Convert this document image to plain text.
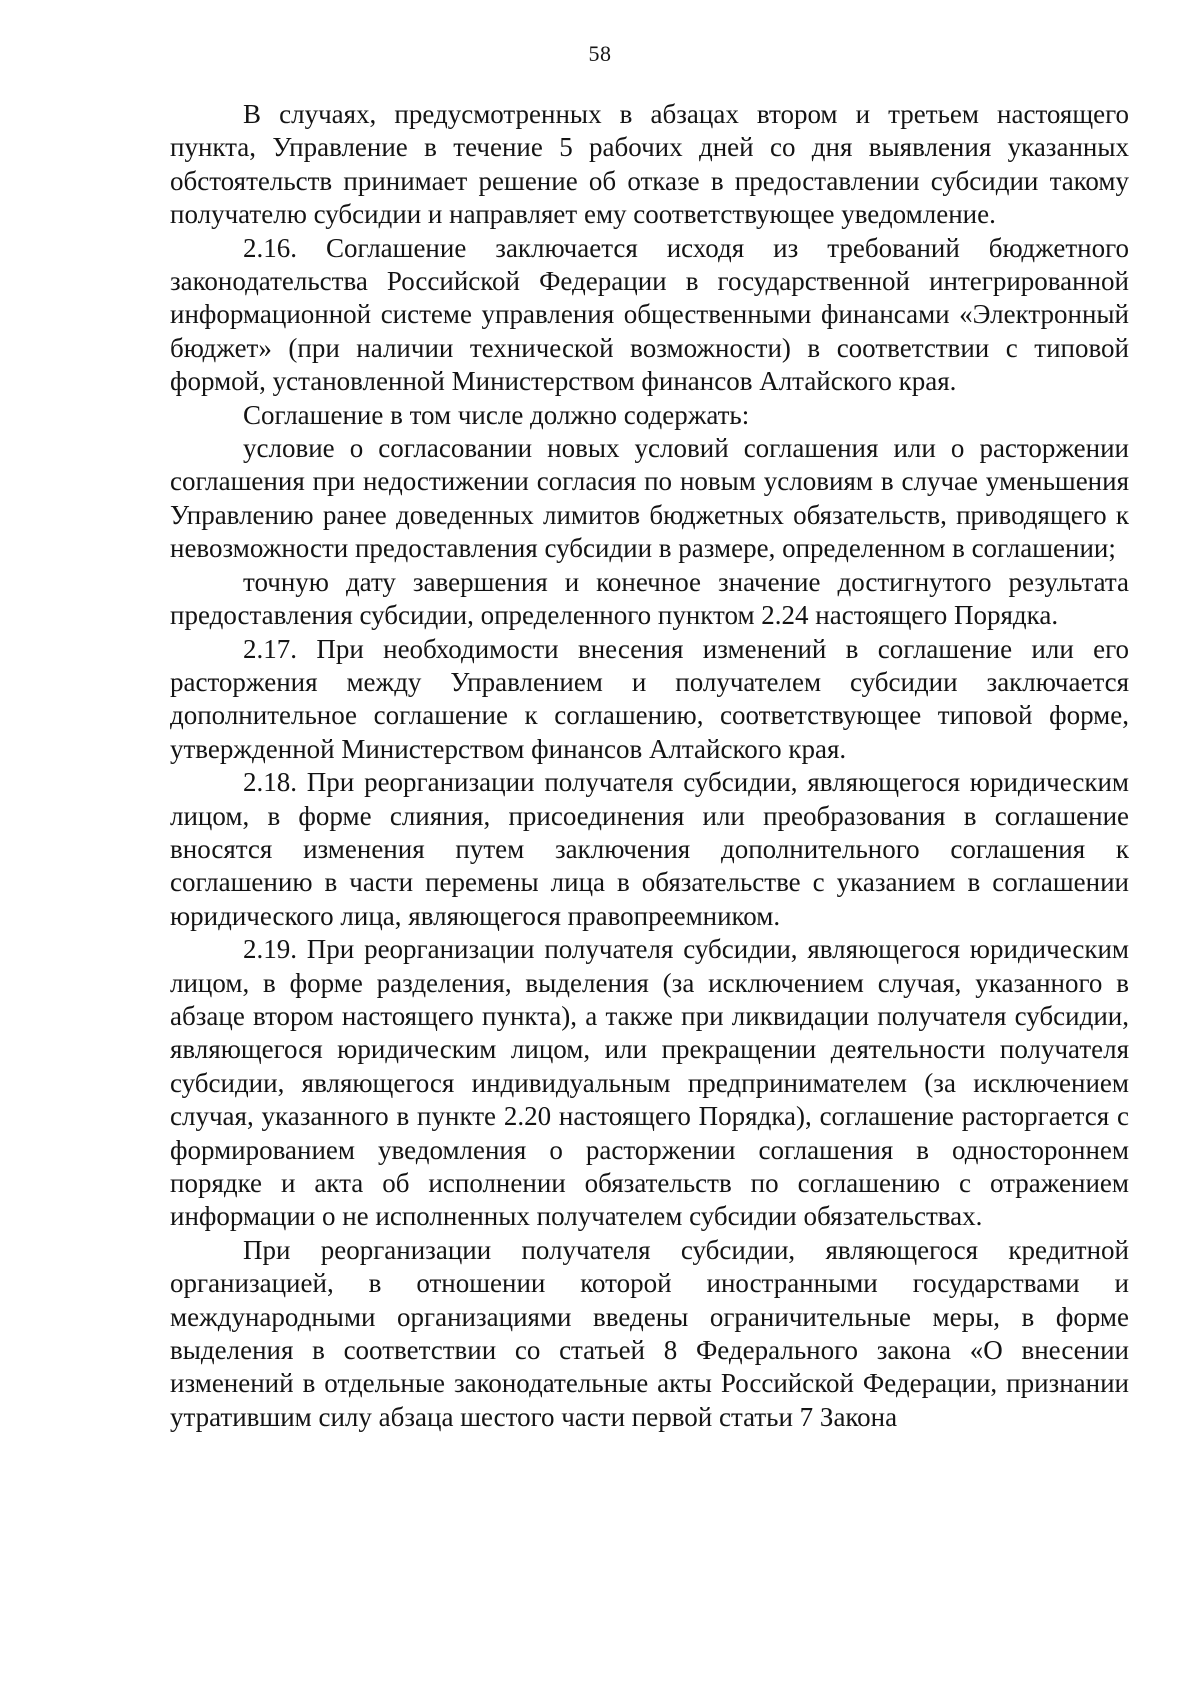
58

В случаях, предусмотренных в абзацах втором и третьем настоящего пункта, Управление в течение 5 рабочих дней со дня выявления указанных обстоятельств принимает решение об отказе в предоставлении субсидии такому получателю субсидии и направляет ему соответствующее уведомление.

2.16. Соглашение заключается исходя из требований бюджетного законодательства Российской Федерации в государственной интегрированной информационной системе управления общественными финансами «Электронный бюджет» (при наличии технической возможности) в соответствии с типовой формой, установленной Министерством финансов Алтайского края.

Соглашение в том числе должно содержать:

условие о согласовании новых условий соглашения или о расторжении соглашения при недостижении согласия по новым условиям в случае уменьшения Управлению ранее доведенных лимитов бюджетных обязательств, приводящего к невозможности предоставления субсидии в размере, определенном в соглашении;

точную дату завершения и конечное значение достигнутого результата предоставления субсидии, определенного пунктом 2.24 настоящего Порядка.

2.17. При необходимости внесения изменений в соглашение или его расторжения между Управлением и получателем субсидии заключается дополнительное соглашение к соглашению, соответствующее типовой форме, утвержденной Министерством финансов Алтайского края.

2.18. При реорганизации получателя субсидии, являющегося юридическим лицом, в форме слияния, присоединения или преобразования в соглашение вносятся изменения путем заключения дополнительного соглашения к соглашению в части перемены лица в обязательстве с указанием в соглашении юридического лица, являющегося правопреемником.

2.19. При реорганизации получателя субсидии, являющегося юридическим лицом, в форме разделения, выделения (за исключением случая, указанного в абзаце втором настоящего пункта), а также при ликвидации получателя субсидии, являющегося юридическим лицом, или прекращении деятельности получателя субсидии, являющегося индивидуальным предпринимателем (за исключением случая, указанного в пункте 2.20 настоящего Порядка), соглашение расторгается с формированием уведомления о расторжении соглашения в одностороннем порядке и акта об исполнении обязательств по соглашению с отражением информации о не исполненных получателем субсидии обязательствах.

При реорганизации получателя субсидии, являющегося кредитной организацией, в отношении которой иностранными государствами и международными организациями введены ограничительные меры, в форме выделения в соответствии со статьей 8 Федерального закона «О внесении изменений в отдельные законодательные акты Российской Федерации, признании утратившим силу абзаца шестого части первой статьи 7 Закона
